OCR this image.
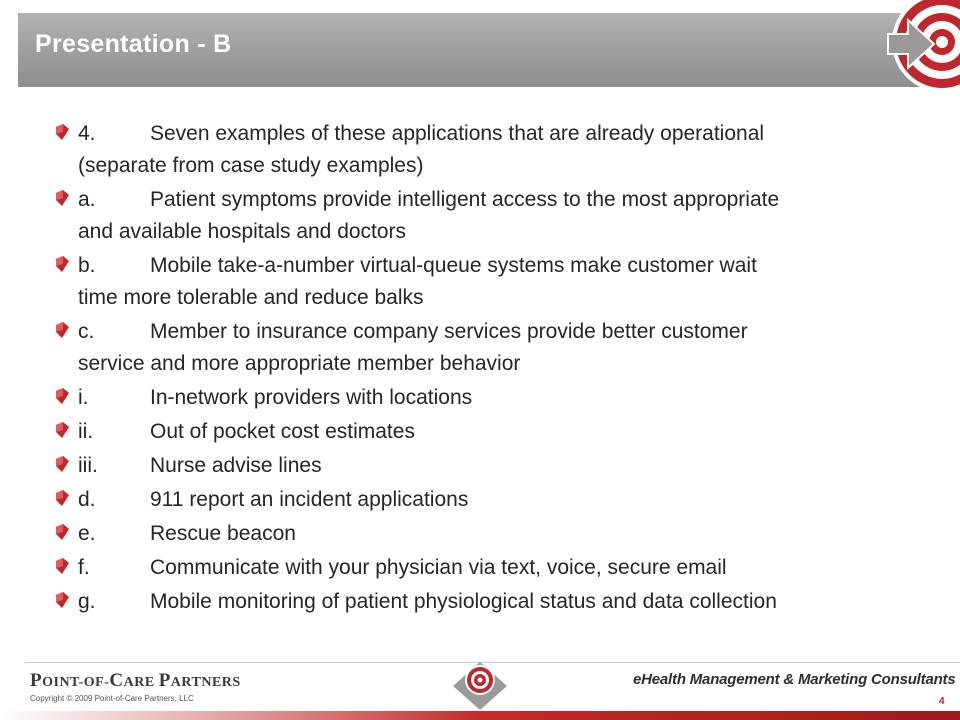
Presentation - B
4.	Seven examples of these applications that are already operational
(separate from case study examples)
a.	Patient symptoms provide intelligent access to the most appropriate
and available hospitals and doctors
b.	Mobile take-a-number virtual-queue systems make customer wait
time more tolerable and reduce balks
c.	Member to insurance company services provide better customer
service and more appropriate member behavior
i.	In-network providers with locations
ii.	Out of pocket cost estimates
iii. Nurse advise lines
d.	911 report an incident applications
e.	Rescue beacon
f.	Communicate with your physician via text, voice, secure email
g.	Mobile monitoring of patient physiological status and data collection
POINT-OF-CARE PARTNERS
Copyright © 2009 Point-of-Care Partners, LLC
eHealth Management & Marketing Consultants
4
